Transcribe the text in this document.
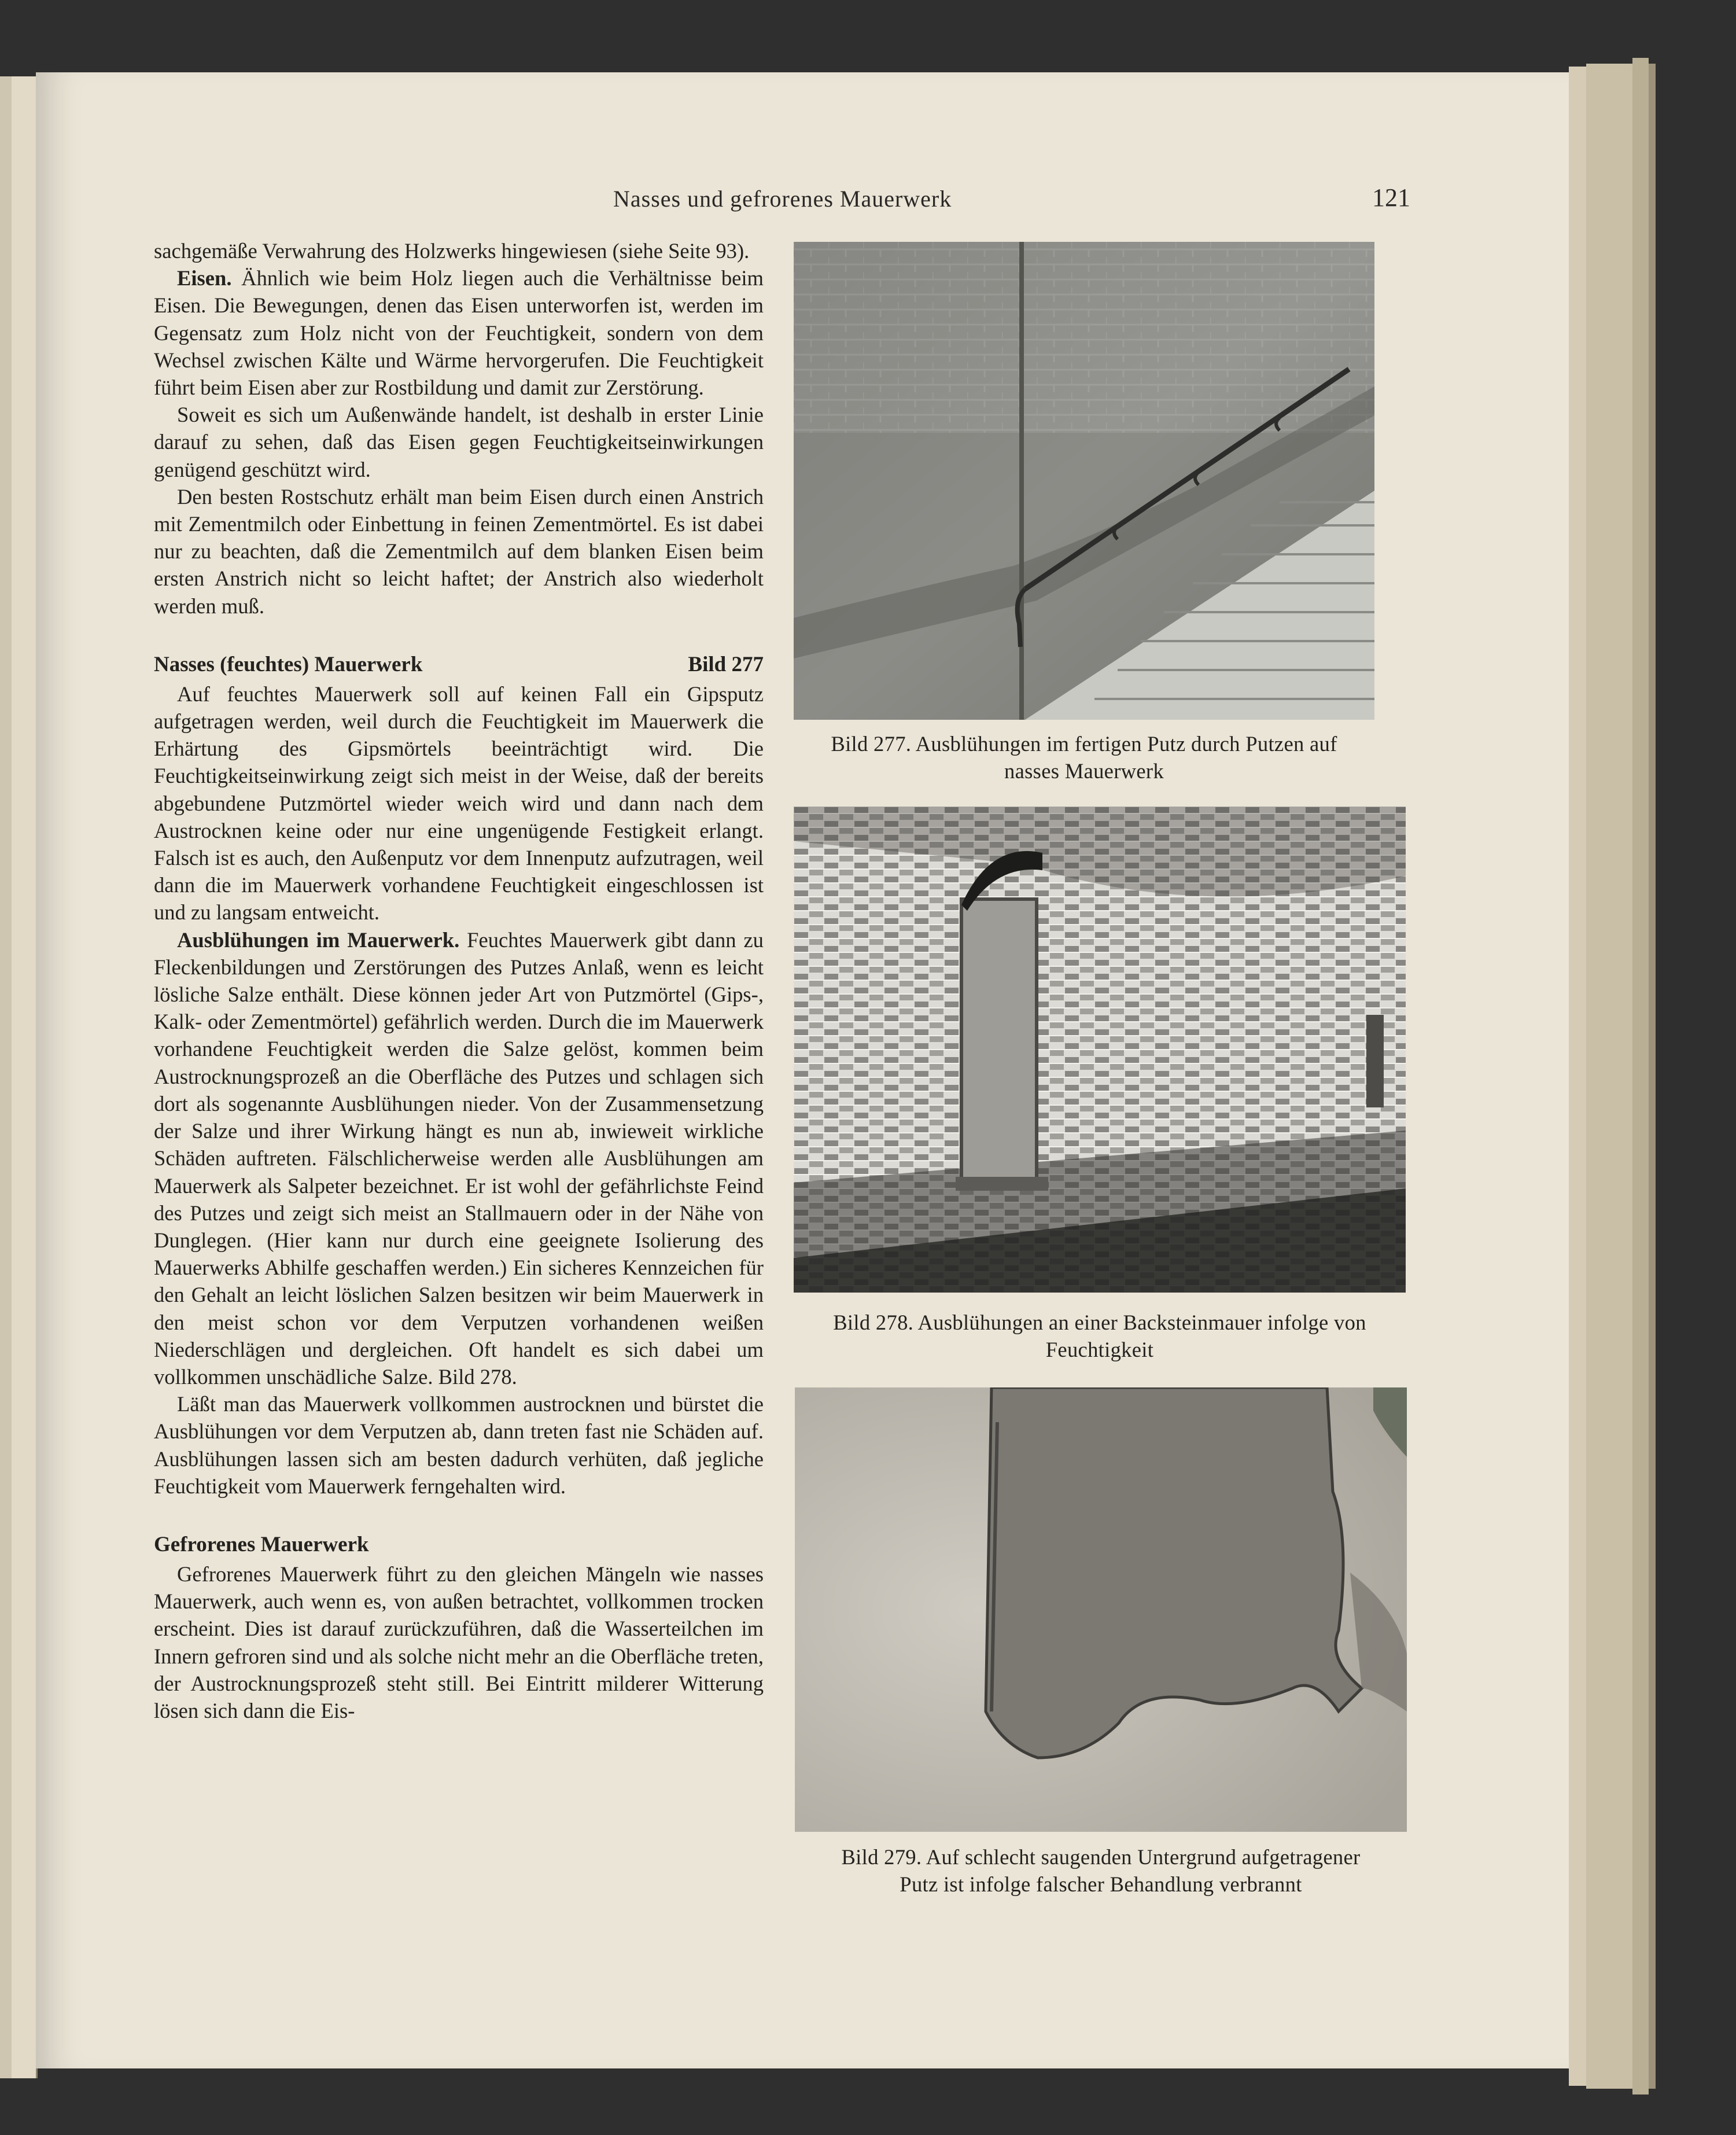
Nasses und gefrorenes Mauerwerk	121

sachgemäße Verwahrung des Holzwerks hingewiesen (siehe Seite 93).

Eisen. Ähnlich wie beim Holz liegen auch die Verhältnisse beim Eisen. Die Bewegungen, denen das Eisen unterworfen ist, werden im Gegensatz zum Holz nicht von der Feuchtigkeit, sondern von dem Wechsel zwischen Kälte und Wärme hervorgerufen. Die Feuchtigkeit führt beim Eisen aber zur Rostbildung und damit zur Zerstörung.

Soweit es sich um Außenwände handelt, ist deshalb in erster Linie darauf zu sehen, daß das Eisen gegen Feuchtigkeitseinwirkungen genügend geschützt wird.

Den besten Rostschutz erhält man beim Eisen durch einen Anstrich mit Zementmilch oder Einbettung in feinen Zementmörtel. Es ist dabei nur zu beachten, daß die Zementmilch auf dem blanken Eisen beim ersten Anstrich nicht so leicht haftet; der Anstrich also wiederholt werden muß.

Nasses (feuchtes) Mauerwerk	Bild 277

Auf feuchtes Mauerwerk soll auf keinen Fall ein Gipsputz aufgetragen werden, weil durch die Feuchtigkeit im Mauerwerk die Erhärtung des Gipsmörtels beeinträchtigt wird. Die Feuchtigkeitseinwirkung zeigt sich meist in der Weise, daß der bereits abgebundene Putzmörtel wieder weich wird und dann nach dem Austrocknen keine oder nur eine ungenügende Festigkeit erlangt. Falsch ist es auch, den Außenputz vor dem Innenputz aufzutragen, weil dann die im Mauerwerk vorhandene Feuchtigkeit eingeschlossen ist und zu langsam entweicht.

Ausblühungen im Mauerwerk. Feuchtes Mauerwerk gibt dann zu Fleckenbildungen und Zerstörungen des Putzes Anlaß, wenn es leicht lösliche Salze enthält. Diese können jeder Art von Putzmörtel (Gips-, Kalk- oder Zementmörtel) gefährlich werden. Durch die im Mauerwerk vorhandene Feuchtigkeit werden die Salze gelöst, kommen beim Austrocknungsprozeß an die Oberfläche des Putzes und schlagen sich dort als sogenannte Ausblühungen nieder. Von der Zusammensetzung der Salze und ihrer Wirkung hängt es nun ab, inwieweit wirkliche Schäden auftreten. Fälschlicherweise werden alle Ausblühungen am Mauerwerk als Salpeter bezeichnet. Er ist wohl der gefährlichste Feind des Putzes und zeigt sich meist an Stallmauern oder in der Nähe von Dunglegen. (Hier kann nur durch eine geeignete Isolierung des Mauerwerks Abhilfe geschaffen werden.) Ein sicheres Kennzeichen für den Gehalt an leicht löslichen Salzen besitzen wir beim Mauerwerk in den meist schon vor dem Verputzen vorhandenen weißen Niederschlägen und dergleichen. Oft handelt es sich dabei um vollkommen unschädliche Salze. Bild 278.

Läßt man das Mauerwerk vollkommen austrocknen und bürstet die Ausblühungen vor dem Verputzen ab, dann treten fast nie Schäden auf. Ausblühungen lassen sich am besten dadurch verhüten, daß jegliche Feuchtigkeit vom Mauerwerk ferngehalten wird.

Gefrorenes Mauerwerk

Gefrorenes Mauerwerk führt zu den gleichen Mängeln wie nasses Mauerwerk, auch wenn es, von außen betrachtet, vollkommen trocken erscheint. Dies ist darauf zurückzuführen, daß die Wasserteilchen im Innern gefroren sind und als solche nicht mehr an die Oberfläche treten, der Austrocknungsprozeß steht still. Bei Eintritt milderer Witterung lösen sich dann die Eis-

Bild 277. Ausblühungen im fertigen Putz durch Putzen auf
nasses Mauerwerk
Bild 278. Ausblühungen an einer Backsteinmauer infolge von
Feuchtigkeit
Bild 279. Auf schlecht saugenden Untergrund aufgetragener
Putz ist infolge falscher Behandlung verbrannt
